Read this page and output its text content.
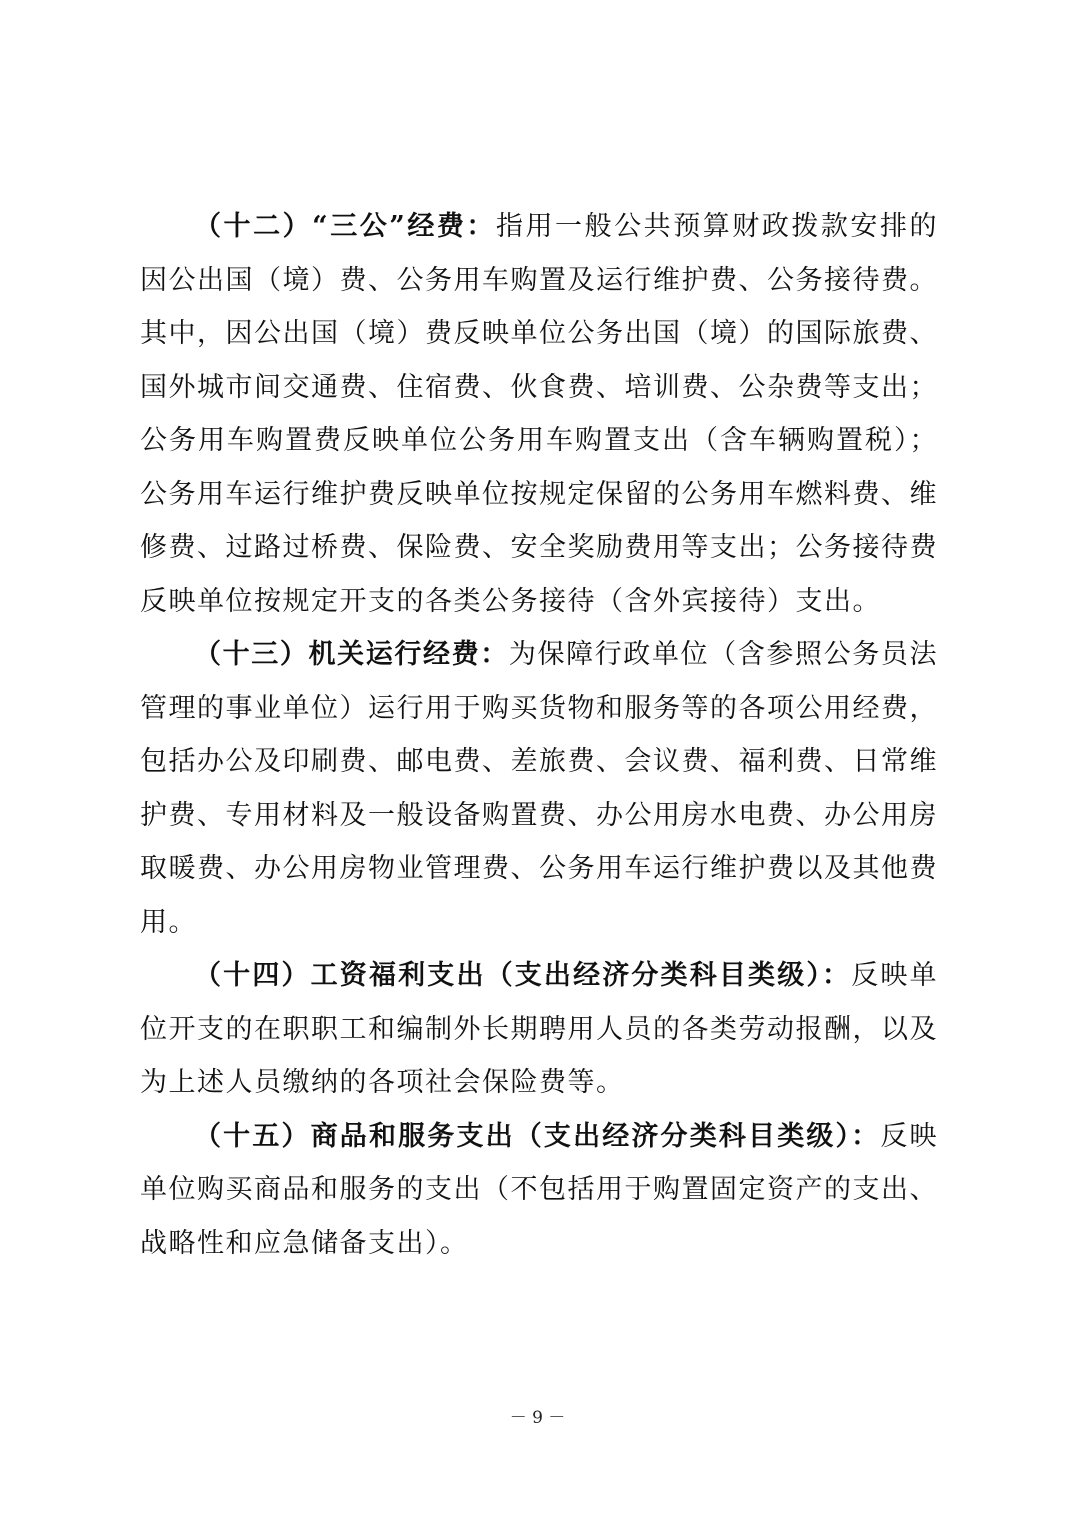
（十二）“三公”经费：指用一般公共预算财政拨款安排的因公出国（境）费、公务用车购置及运行维护费、公务接待费。其中，因公出国（境）费反映单位公务出国（境）的国际旅费、国外城市间交通费、住宿费、伙食费、培训费、公杂费等支出；公务用车购置费反映单位公务用车购置支出（含车辆购置税）；公务用车运行维护费反映单位按规定保留的公务用车燃料费、维修费、过路过桥费、保险费、安全奖励费用等支出；公务接待费反映单位按规定开支的各类公务接待（含外宾接待）支出。

（十三）机关运行经费：为保障行政单位（含参照公务员法管理的事业单位）运行用于购买货物和服务等的各项公用经费，包括办公及印刷费、邮电费、差旅费、会议费、福利费、日常维护费、专用材料及一般设备购置费、办公用房水电费、办公用房取暖费、办公用房物业管理费、公务用车运行维护费以及其他费用。

（十四）工资福利支出（支出经济分类科目类级）：反映单位开支的在职职工和编制外长期聘用人员的各类劳动报酬，以及为上述人员缴纳的各项社会保险费等。

（十五）商品和服务支出（支出经济分类科目类级）：反映单位购买商品和服务的支出（不包括用于购置固定资产的支出、战略性和应急储备支出）。

－ 9 －
